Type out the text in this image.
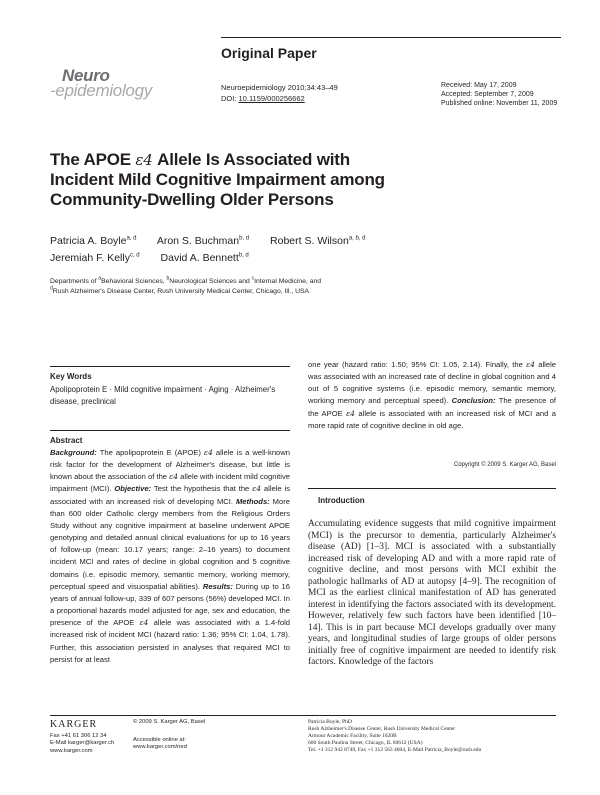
Original Paper
Neuro
-epidemiology	Neuroepidemiology 2010;34:43–49
DOI: 10.1159/000256662
Received: May 17, 2009
Accepted: September 7, 2009
Published online: November 11, 2009
The APOE ε4 Allele Is Associated with
Incident Mild Cognitive Impairment among
Community-Dwelling Older Persons
Patricia A. Boyle$^{a, d}$ Aron S. Buchman$^{b, d}$ Robert S. Wilson$^{a, b, d}$
Jeremiah F. Kelly$^{c, d}$ David A. Bennett$^{b, d}$
Departments of $^a$Behavioral Sciences, $^b$Neurological Sciences and $^c$Internal Medicine, and
$^d$Rush Alzheimer's Disease Center, Rush University Medical Center, Chicago, Ill., USA
Key Words
Apolipoprotein E · Mild cognitive impairment · Aging · Alzheimer's disease, preclinical
Abstract
Background: The apolipoprotein E (APOE) ε4 allele is a well-known risk factor for the development of Alzheimer's disease, but little is known about the association of the ε4 allele with incident mild cognitive impairment (MCI). Objective: Test the hypothesis that the ε4 allele is associated with an increased risk of developing MCI. Methods: More than 600 older Catholic clergy members from the Religious Orders Study without any cognitive impairment at baseline underwent APOE genotyping and detailed annual clinical evaluations for up to 16 years of follow-up (mean: 10.17 years; range: 2–16 years) to document incident MCI and rates of decline in global cognition and 5 cognitive domains (i.e. episodic memory, semantic memory, working memory, perceptual speed and visuospatial abilities). Results: During up to 16 years of annual follow-up, 339 of 607 persons (56%) developed MCI. In a proportional hazards model adjusted for age, sex and education, the presence of the APOE ε4 allele was associated with a 1.4-fold increased risk of incident MCI (hazard ratio: 1.36; 95% CI: 1.04, 1.78). Further, this association persisted in analyses that required MCI to persist for at least
one year (hazard ratio: 1.50; 95% CI: 1.05, 2.14). Finally, the ε4 allele was associated with an increased rate of decline in global cognition and 4 out of 5 cognitive systems (i.e. episodic memory, semantic memory, working memory and perceptual speed). Conclusion: The presence of the APOE ε4 allele is associated with an increased risk of MCI and a more rapid rate of cognitive decline in old age.
Copyright © 2009 S. Karger AG, Basel
Introduction
Accumulating evidence suggests that mild cognitive impairment (MCI) is the precursor to dementia, particularly Alzheimer's disease (AD) [1–3]. MCI is associated with a substantially increased risk of developing AD and with a more rapid rate of cognitive decline, and most persons with MCI exhibit the pathologic hallmarks of AD at autopsy [4–9]. The recognition of MCI as the earliest clinical manifestation of AD has generated interest in identifying the factors associated with its development. However, relatively few such factors have been identified [10–14]. This is in part because MCI develops gradually over many years, and longitudinal studies of large groups of older persons initially free of cognitive impairment are needed to identify risk factors. Knowledge of the factors
KARGER
Fax +41 61 306 12 34
E-Mail karger@karger.ch
www.karger.com
© 2009 S. Karger AG, Basel
Accessible online at:
www.karger.com/ned
Patricia Boyle, PhD
Rush Alzheimer's Disease Center, Rush University Medical Center
Armour Academic Facility, Suite 1020B
600 South Paulina Street, Chicago, IL 60612 (USA)
Tel. +1 312 942 8749, Fax +1 312 563 4604, E-Mail Patricia_Boyle@rush.edu
